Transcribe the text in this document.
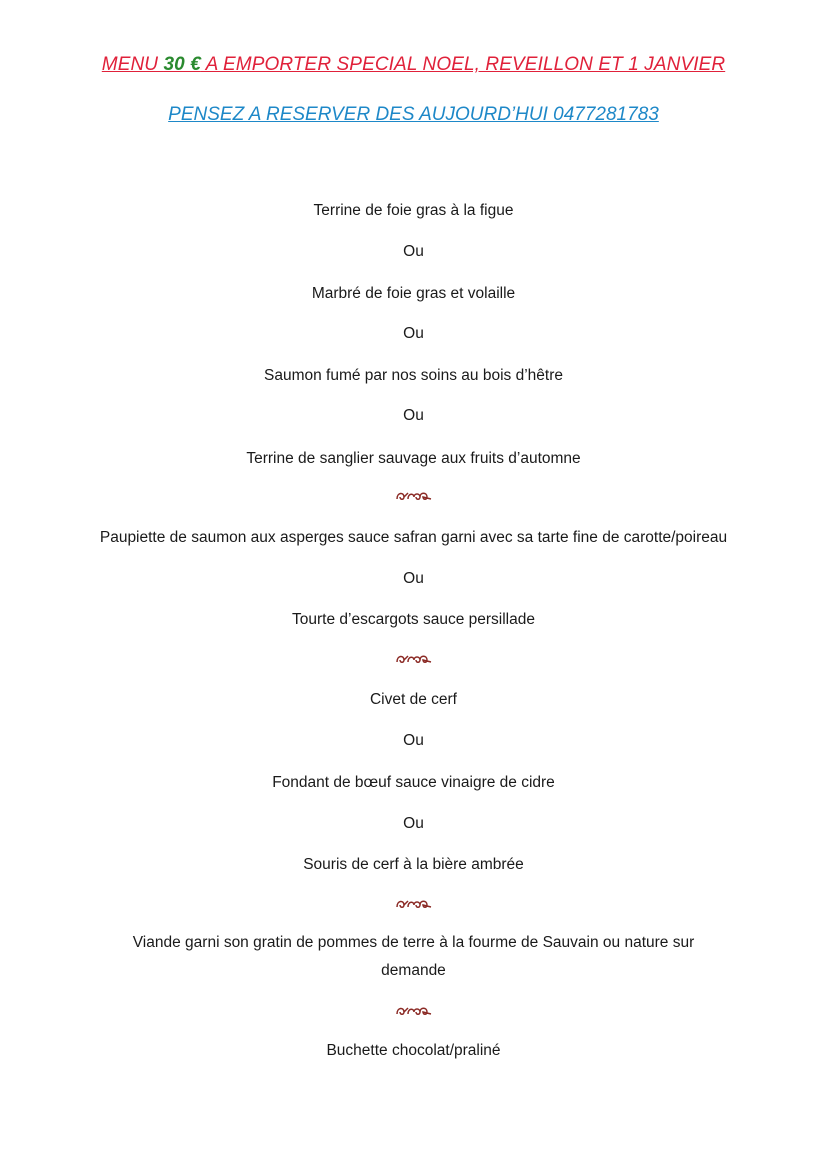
MENU 30 € A EMPORTER SPECIAL NOEL, REVEILLON ET 1 JANVIER
PENSEZ A RESERVER DES AUJOURD’HUI 0477281783
Terrine de foie gras à la figue
Ou
Marbré de foie gras et volaille
Ou
Saumon fumé par nos soins au bois d’hêtre
Ou
Terrine de sanglier sauvage aux fruits d’automne
Paupiette de saumon aux asperges sauce safran garni avec sa tarte fine de carotte/poireau
Ou
Tourte d’escargots sauce persillade
Civet de cerf
Ou
Fondant de bœuf sauce vinaigre de cidre
Ou
Souris de cerf à la bière ambrée
Viande garni son gratin de pommes de terre à la fourme de Sauvain ou nature sur
demande
Buchette chocolat/praliné
